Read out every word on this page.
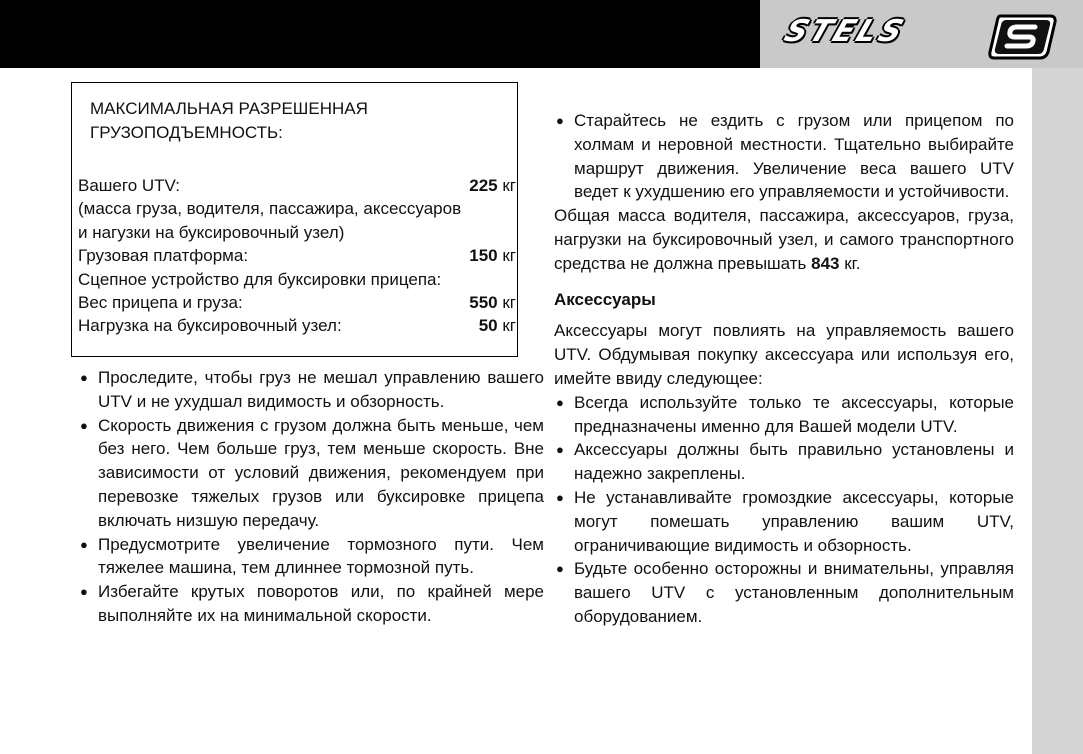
STELS
МАКСИМАЛЬНАЯ РАЗРЕШЕННАЯ
ГРУЗОПОДЪЕМНОСТЬ:
Вашего UTV:	225 кг
(масса груза, водителя, пассажира, аксессуаров
и нагузки на буксировочный узел)
Грузовая платформа:	150 кг
Сцепное устройство для буксировки прицепа:
Вес прицепа и груза:	550 кг
Нагрузка на буксировочный узел:	50 кг
● Проследите, чтобы груз не мешал управлению вашего UTV и не ухудшал видимость и обзорность.
● Скорость движения с грузом должна быть меньше, чем без него. Чем больше груз, тем меньше скорость. Вне зависимости от условий движения, рекомендуем при перевозке тяжелых грузов или буксировке прицепа включать низшую передачу.
● Предусмотрите увеличение тормозного пути. Чем тяжелее машина, тем длиннее тормозной путь.
● Избегайте крутых поворотов или, по крайней мере выполняйте их на минимальной скорости.
● Старайтесь не ездить с грузом или прицепом по холмам и неровной местности. Тщательно выбирайте маршрут движения. Увеличение веса вашего UTV ведет к ухудшению его управляемости и устойчивости.
Общая масса водителя, пассажира, аксессуаров, груза, нагрузки на буксировочный узел, и самого транспортного средства не должна превышать 843 кг.
Аксессуары
Аксессуары могут повлиять на управляемость вашего UTV. Обдумывая покупку аксессуара или используя его, имейте ввиду следующее:
● Всегда используйте только те аксессуары, которые предназначены именно для Вашей модели UTV.
● Аксессуары должны быть правильно установлены и надежно закреплены.
● Не устанавливайте громоздкие аксессуары, которые могут помешать управлению вашим UTV, ограничивающие видимость и обзорность.
● Будьте особенно осторожны и внимательны, управляя вашего UTV с установленным дополнительным оборудованием.
